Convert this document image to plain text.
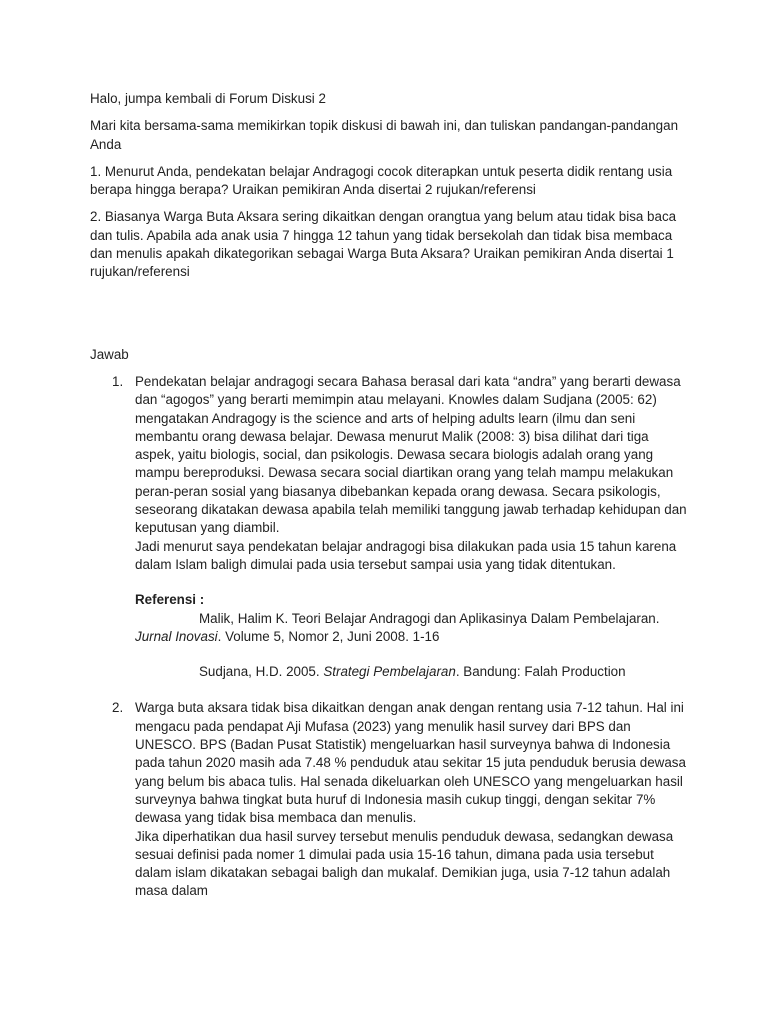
Halo, jumpa kembali di Forum Diskusi 2

Mari kita bersama-sama memikirkan topik diskusi di bawah ini, dan tuliskan pandangan-pandangan Anda

1. Menurut Anda, pendekatan belajar Andragogi cocok diterapkan untuk peserta didik rentang usia berapa hingga berapa? Uraikan pemikiran Anda disertai 2 rujukan/referensi

2. Biasanya Warga Buta Aksara sering dikaitkan dengan orangtua yang belum atau tidak bisa baca dan tulis. Apabila ada anak usia 7 hingga 12 tahun yang tidak bersekolah dan tidak bisa membaca dan menulis apakah dikategorikan sebagai Warga Buta Aksara? Uraikan pemikiran Anda disertai 1 rujukan/referensi

Jawab

1. Pendekatan belajar andragogi secara Bahasa berasal dari kata “andra” yang berarti dewasa dan “agogos” yang berarti memimpin atau melayani. Knowles dalam Sudjana (2005: 62) mengatakan Andragogy is the science and arts of helping adults learn (ilmu dan seni membantu orang dewasa belajar. Dewasa menurut Malik (2008: 3) bisa dilihat dari tiga aspek, yaitu biologis, social, dan psikologis. Dewasa secara biologis adalah orang yang mampu bereproduksi. Dewasa secara social diartikan orang yang telah mampu melakukan peran-peran sosial yang biasanya dibebankan kepada orang dewasa. Secara psikologis, seseorang dikatakan dewasa apabila telah memiliki tanggung jawab terhadap kehidupan dan keputusan yang diambil.

Jadi menurut saya pendekatan belajar andragogi bisa dilakukan pada usia 15 tahun karena dalam Islam baligh dimulai pada usia tersebut sampai usia yang tidak ditentukan.

Referensi :

Malik, Halim K. Teori Belajar Andragogi dan Aplikasinya Dalam Pembelajaran. Jurnal Inovasi. Volume 5, Nomor 2, Juni 2008. 1-16

Sudjana, H.D. 2005. Strategi Pembelajaran. Bandung: Falah Production

2. Warga buta aksara tidak bisa dikaitkan dengan anak dengan rentang usia 7-12 tahun. Hal ini mengacu pada pendapat Aji Mufasa (2023) yang menulik hasil survey dari BPS dan UNESCO. BPS (Badan Pusat Statistik) mengeluarkan hasil surveynya bahwa di Indonesia pada tahun 2020 masih ada 7.48 % penduduk atau sekitar 15 juta penduduk berusia dewasa yang belum bis abaca tulis. Hal senada dikeluarkan oleh UNESCO yang mengeluarkan hasil surveynya bahwa tingkat buta huruf di Indonesia masih cukup tinggi, dengan sekitar 7% dewasa yang tidak bisa membaca dan menulis.

Jika diperhatikan dua hasil survey tersebut menulis penduduk dewasa, sedangkan dewasa sesuai definisi pada nomer 1 dimulai pada usia 15-16 tahun, dimana pada usia tersebut dalam islam dikatakan sebagai baligh dan mukalaf. Demikian juga, usia 7-12 tahun adalah masa dalam
